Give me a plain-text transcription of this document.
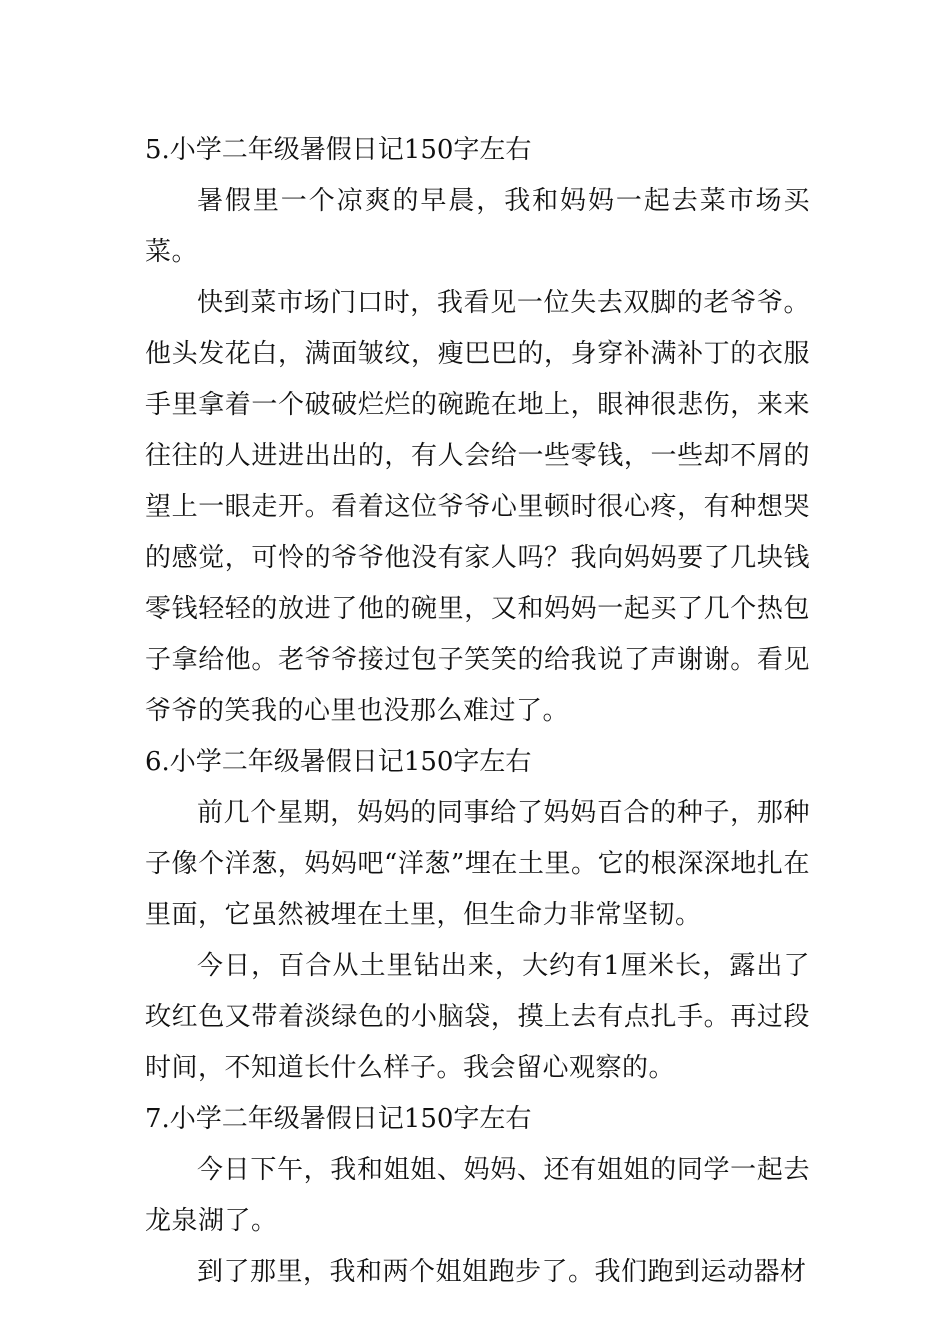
5.小学二年级暑假日记150字左右

暑假里一个凉爽的早晨，我和妈妈一起去菜市场买菜。

快到菜市场门口时，我看见一位失去双脚的老爷爷。他头发花白，满面皱纹，瘦巴巴的，身穿补满补丁的衣服手里拿着一个破破烂烂的碗跪在地上，眼神很悲伤，来来往往的人进进出出的，有人会给一些零钱，一些却不屑的望上一眼走开。看着这位爷爷心里顿时很心疼，有种想哭的感觉，可怜的爷爷他没有家人吗？我向妈妈要了几块钱零钱轻轻的放进了他的碗里，又和妈妈一起买了几个热包子拿给他。老爷爷接过包子笑笑的给我说了声谢谢。看见爷爷的笑我的心里也没那么难过了。

6.小学二年级暑假日记150字左右

前几个星期，妈妈的同事给了妈妈百合的种子，那种子像个洋葱，妈妈吧“洋葱”埋在土里。它的根深深地扎在里面，它虽然被埋在土里，但生命力非常坚韧。

今日，百合从土里钻出来，大约有1厘米长，露出了玫红色又带着淡绿色的小脑袋，摸上去有点扎手。再过段时间，不知道长什么样子。我会留心观察的。

7.小学二年级暑假日记150字左右

今日下午，我和姐姐、妈妈、还有姐姐的同学一起去龙泉湖了。

到了那里，我和两个姐姐跑步了。我们跑到运动器材
